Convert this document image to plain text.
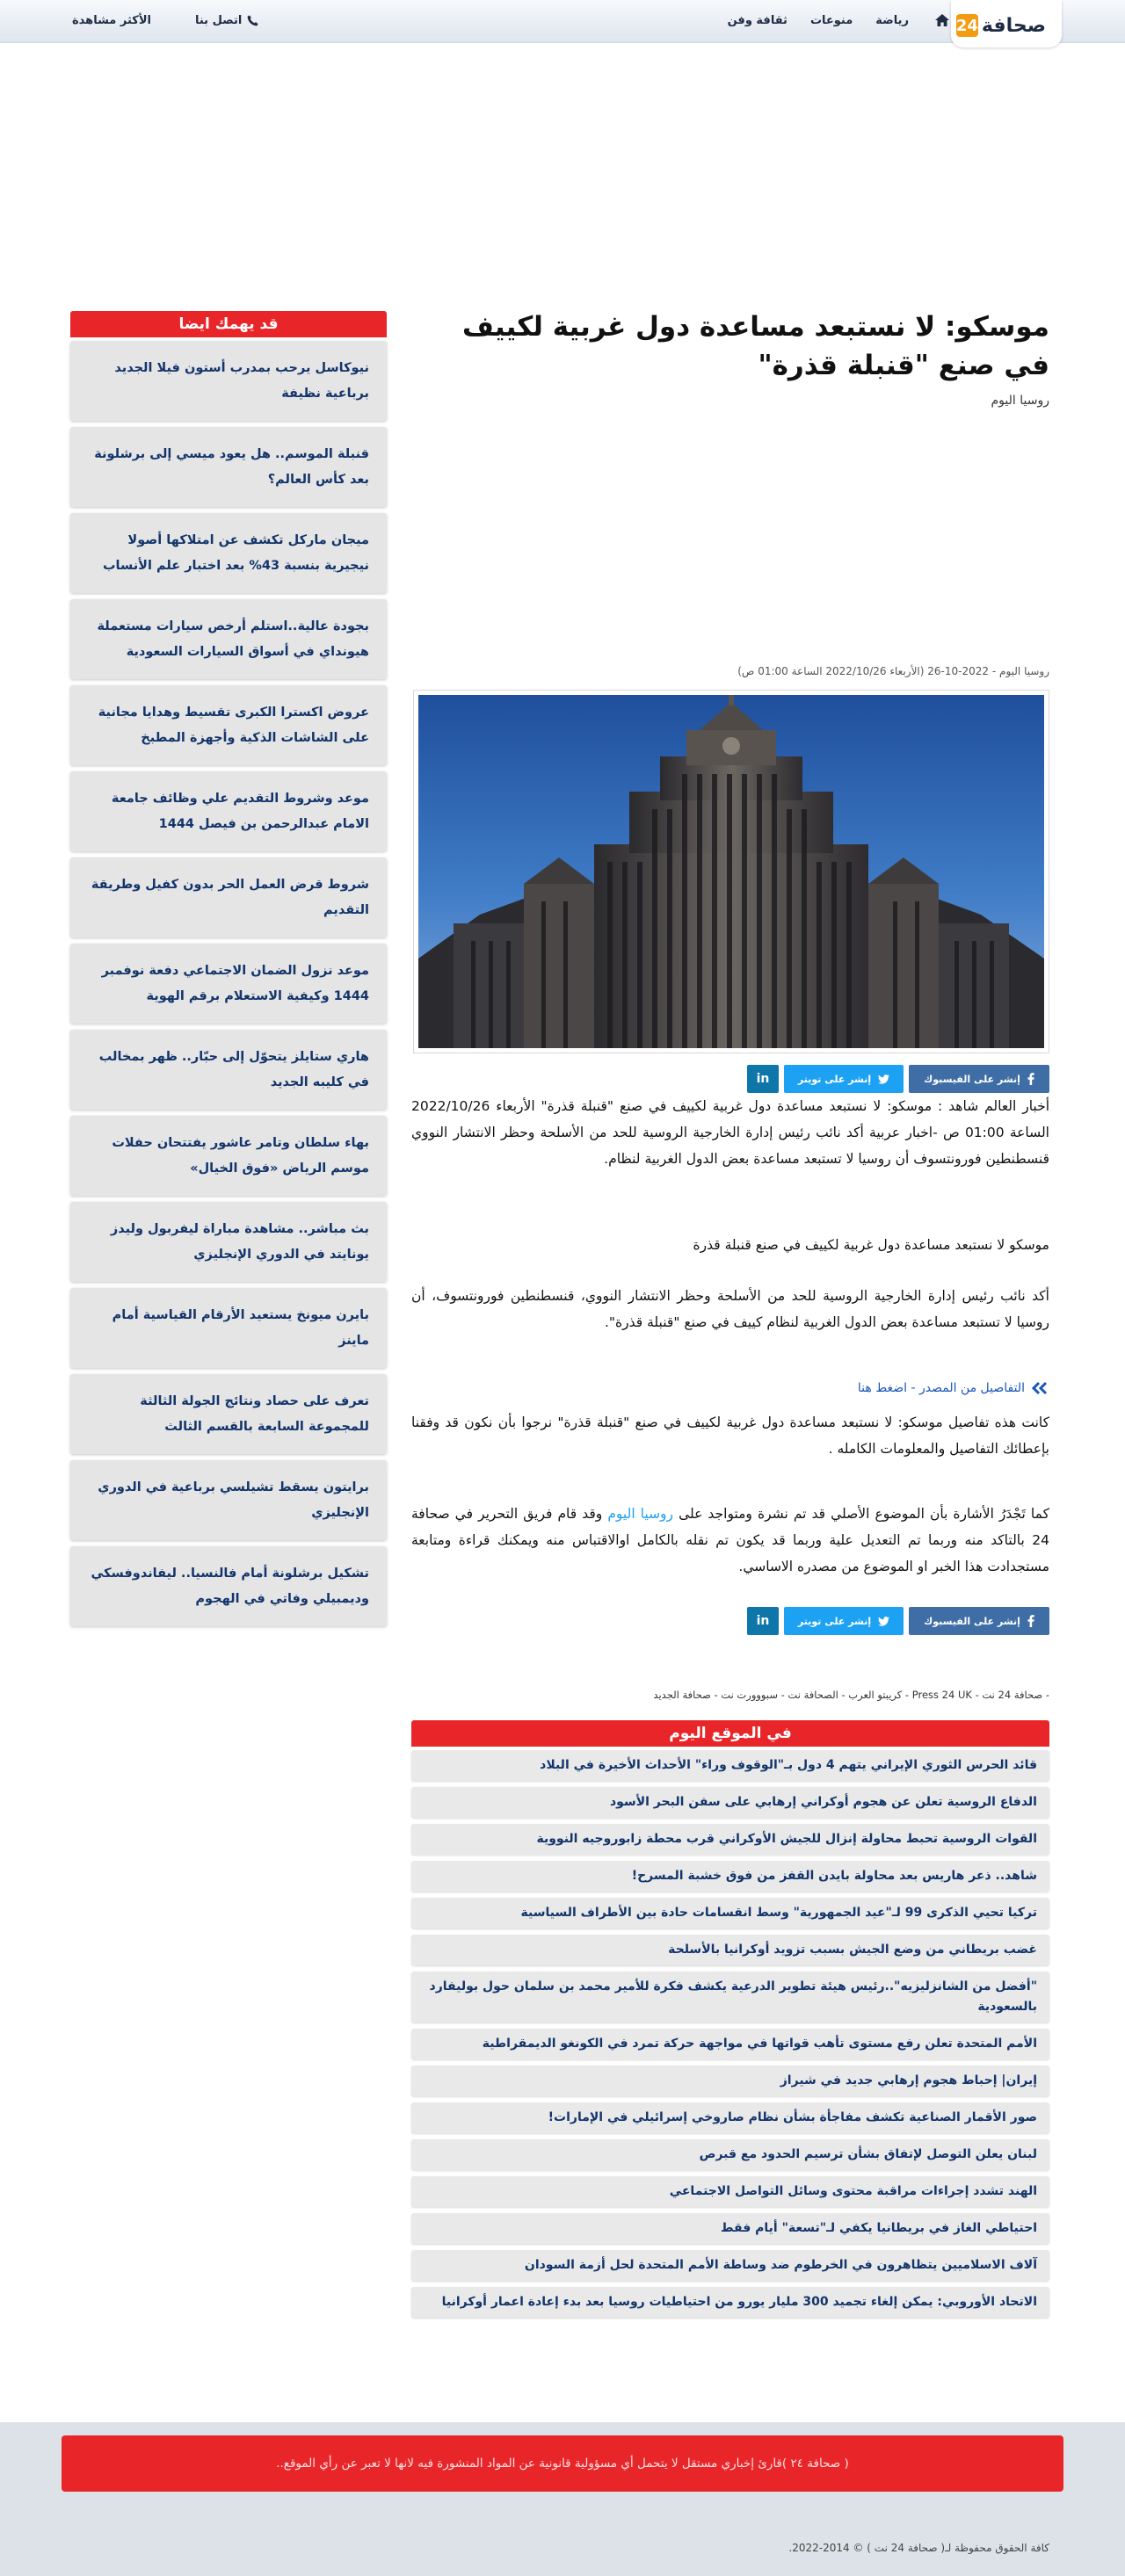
صحافة
24
رياضة
منوعات
ثقافة وفن
الأكثر مشاهدة	اتصل بنا
موسكو: لا نستبعد مساعدة دول غربية لكييف في صنع "قنبلة قذرة"
روسيا اليوم
روسيا اليوم - 2022-10-26 (الأربعاء 2022/10/26 الساعة 01:00 ص)
إنشر على الفيسبوك
إنشر على تويتر
in

أخبار العالم شاهد : موسكو: لا نستبعد مساعدة دول غربية لكييف في صنع "قنبلة قذرة" الأربعاء 2022/10/26 الساعة 01:00 ص -اخبار عربية أكد نائب رئيس إدارة الخارجية الروسية للحد من الأسلحة وحظر الانتشار النووي قنسطنطين فورونتسوف أن روسيا لا تستبعد مساعدة بعض الدول الغربية لنظام.

موسكو لا نستبعد مساعدة دول غربية لكييف في صنع قنبلة قذرة

أكد نائب رئيس إدارة الخارجية الروسية للحد من الأسلحة وحظر الانتشار النووي، قنسطنطين فورونتسوف، أن روسيا لا تستبعد مساعدة بعض الدول الغربية لنظام كييف في صنع "قنبلة قذرة".

التفاصيل من المصدر - اضغط هنا

كانت هذه تفاصيل موسكو: لا نستبعد مساعدة دول غربية لكييف في صنع "قنبلة قذرة" نرجوا بأن نكون قد وفقنا بإعطائك التفاصيل والمعلومات الكامله .

كما تَجْدَرُ الأشارة بأن الموضوع الأصلي قد تم نشرة ومتواجد على روسيا اليوم وقد قام فريق التحرير في صحافة 24 بالتاكد منه وربما تم التعديل علية وربما قد يكون تم نقله بالكامل اوالاقتباس منه ويمكنك قراءة ومتابعة مستجدادت هذا الخبر او الموضوع من مصدره الاساسي.

إنشر على الفيسبوك
إنشر على تويتر
in
- صحافة 24 نت - Press 24 UK - كريبتو العرب - الصحافة نت - سبووورت نت - صحافة الجديد
في الموقع اليوم
قائد الحرس الثوري الإيراني يتهم 4 دول بـ"الوقوف وراء" الأحداث الأخيرة في البلاد
الدفاع الروسية تعلن عن هجوم أوكراني إرهابي على سفن البحر الأسود
القوات الروسية تحبط محاولة إنزال للجيش الأوكراني قرب محطة زابوروجيه النووية
شاهد.. ذعر هاريس بعد محاولة بايدن القفز من فوق خشبة المسرح!
تركيا تحيي الذكرى 99 لـ"عيد الجمهورية" وسط انقسامات حادة بين الأطراف السياسية
غضب بريطاني من وضع الجيش بسبب تزويد أوكرانيا بالأسلحة
"أفضل من الشانزليزيه"..رئيس هيئة تطوير الدرعية يكشف فكرة للأمير محمد بن سلمان حول بوليفارد بالسعودية
الأمم المتحدة تعلن رفع مستوى تأهب قواتها في مواجهة حركة تمرد في الكونغو الديمقراطية
إيران| إحباط هجوم إرهابي جديد في شيراز
صور الأقمار الصناعية تكشف مفاجأة بشأن نظام صاروخي إسرائيلي في الإمارات!
لبنان يعلن التوصل لإتفاق بشأن ترسيم الحدود مع قبرص
الهند تشدد إجراءات مراقبة محتوى وسائل التواصل الاجتماعي
احتياطي الغاز في بريطانيا يكفي لـ"تسعة" أيام فقط
آلاف الاسلاميين يتظاهرون في الخرطوم ضد وساطة الأمم المتحدة لحل أزمة السودان
الاتحاد الأوروبي: يمكن إلغاء تجميد 300 مليار يورو من احتياطيات روسيا بعد بدء إعادة اعمار أوكرانيا
قد يهمك ايضا
نيوكاسل يرحب بمدرب أستون فيلا الجديد برباعية نظيفة
قنبلة الموسم.. هل يعود ميسي إلى برشلونة بعد كأس العالم؟
ميجان ماركل تكشف عن امتلاكها أصولا نيجيرية بنسبة 43% بعد اختبار علم الأنساب
بجودة عالية..استلم أرخص سيارات مستعملة هيونداي في أسواق السيارات السعودية
عروض اكسترا الكبرى تقسيط وهدايا مجانية على الشاشات الذكية وأجهزة المطبخ
موعد وشروط التقديم علي وظائف جامعة الامام عبدالرحمن بن فيصل 1444
شروط قرض العمل الحر بدون كفيل وطريقة التقديم
موعد نزول الضمان الاجتماعي دفعة نوفمبر 1444 وكيفية الاستعلام برقم الهوية
هاري ستايلز يتحوّل إلى حبّار.. ظهر بمخالب في كليبه الجديد
بهاء سلطان وتامر عاشور يفتتحان حفلات موسم الرياض «فوق الخيال»
بث مباشر.. مشاهدة مباراة ليفربول وليدز يونايتد في الدوري الإنجليزي
بايرن ميونخ يستعيد الأرقام القياسية أمام ماينز
تعرف على حصاد ونتائج الجولة الثالثة للمجموعة السابعة بالقسم الثالث
برايتون يسقط تشيلسي برباعية في الدوري الإنجليزي
تشكيل برشلونة أمام فالنسيا.. ليفاندوفسكي وديمبيلي وفاتي في الهجوم
( صحافة ٢٤ )قارئ إخباري مستقل لا يتحمل أي مسؤولية قانونية عن المواد المنشورة فيه لانها لا تعبر عن رأي الموقع..
كافة الحقوق محفوظة لـ( صحافة 24 نت ) © 2014-2022.
